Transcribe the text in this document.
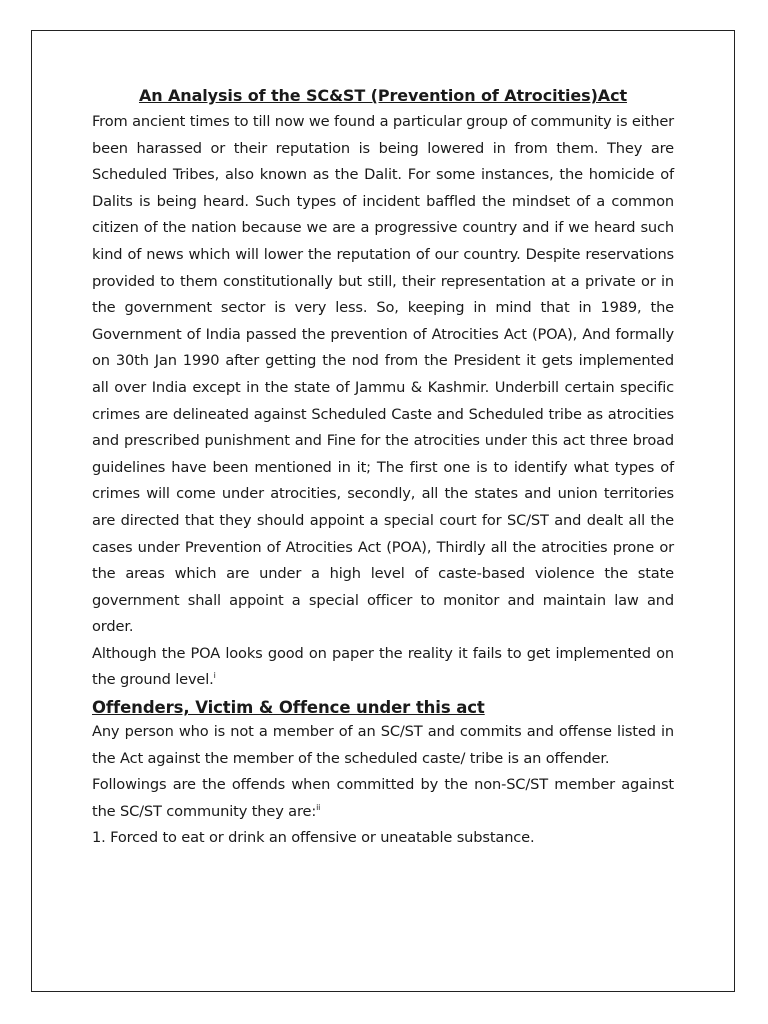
An Analysis of the SC&ST (Prevention of Atrocities)Act

From ancient times to till now we found a particular group of community is either been harassed or their reputation is being lowered in from them. They are Scheduled Tribes, also known as the Dalit. For some instances, the homicide of Dalits is being heard. Such types of incident baffled the mindset of a common citizen of the nation because we are a progressive country and if we heard such kind of news which will lower the reputation of our country. Despite reservations provided to them constitutionally but still, their representation at a private or in the government sector is very less. So, keeping in mind that in 1989, the Government of India passed the prevention of Atrocities Act (POA), And formally on 30th Jan 1990 after getting the nod from the President it gets implemented all over India except in the state of Jammu & Kashmir. Underbill certain specific crimes are delineated against Scheduled Caste and Scheduled tribe as atrocities and prescribed punishment and Fine for the atrocities under this act three broad guidelines have been mentioned in it; The first one is to identify what types of crimes will come under atrocities, secondly, all the states and union territories are directed that they should appoint a special court for SC/ST and dealt all the cases under Prevention of Atrocities Act (POA), Thirdly all the atrocities prone or the areas which are under a high level of caste-based violence the state government shall appoint a special officer to monitor and maintain law and order.

Although the POA looks good on paper the reality it fails to get implemented on the ground level.$^i$

Offenders, Victim & Offence under this act

Any person who is not a member of an SC/ST and commits and offense listed in the Act against the member of the scheduled caste/ tribe is an offender.

Followings are the offends when committed by the non-SC/ST member against the SC/ST community they are:$^{ii}$

1. Forced to eat or drink an offensive or uneatable substance.
